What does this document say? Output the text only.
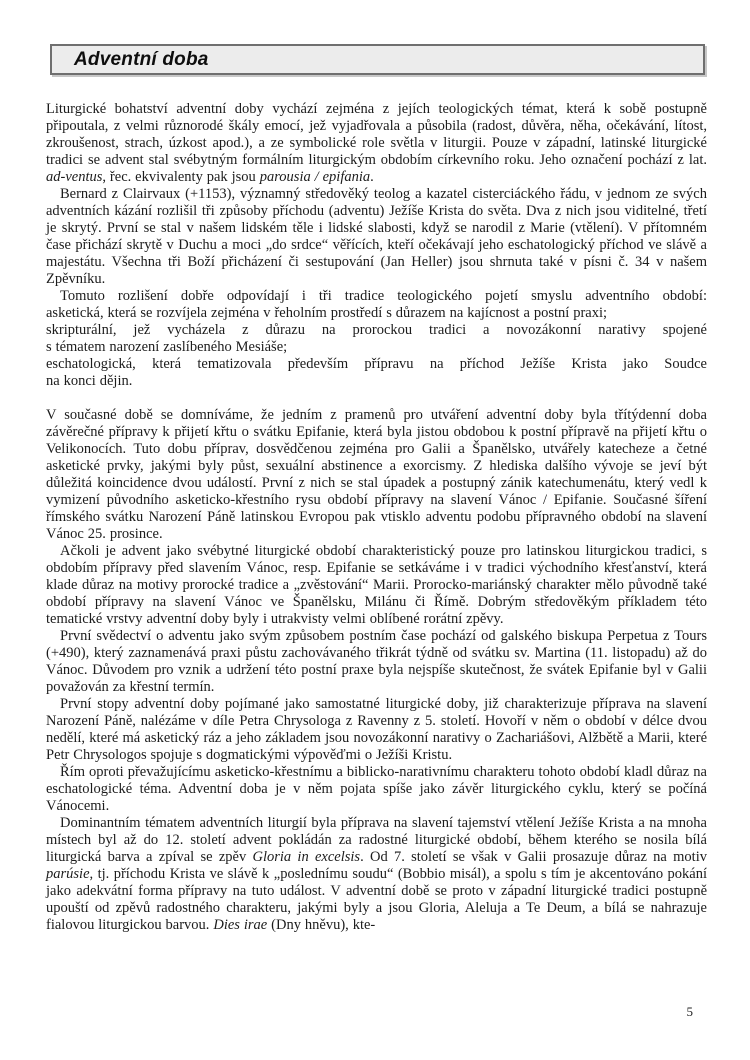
Adventní doba

Liturgické bohatství adventní doby vychází zejména z jejích teologických témat, která k sobě postupně připoutala, z velmi různorodé škály emocí, jež vyjadřovala a působila (radost, důvěra, něha, očekávání, lítost, zkroušenost, strach, úzkost apod.), a ze symbolické role světla v liturgii. Pouze v západní, latinské liturgické tradici se advent stal svébytným formálním liturgickým obdobím církevního roku. Jeho označení pochází z lat. ad-ventus, řec. ekvivalenty pak jsou parousia / epifania.

Bernard z Clairvaux (+1153), významný středověký teolog a kazatel cisterciáckého řádu, v jednom ze svých adventních kázání rozlišil tři způsoby příchodu (adventu) Ježíše Krista do světa. Dva z nich jsou viditelné, třetí je skrytý. První se stal v našem lidském těle i lidské slabosti, když se narodil z Marie (vtělení). V přítomném čase přichází skrytě v Duchu a moci „do srdce“ věřících, kteří očekávají jeho eschatologický příchod ve slávě a majestátu. Všechna tři Boží přicházení či sestupování (Jan Heller) jsou shrnuta také v písni č. 34 v našem Zpěvníku.

Tomuto rozlišení dobře odpovídají i tři tradice teologického pojetí smyslu adventního období:

asketická, která se rozvíjela zejména v řeholním prostředí s důrazem na kajícnost a postní praxi;

skripturální, jež vycházela z důrazu na prorockou tradici a novozákonní narativy spojené

s tématem narození zaslíbeného Mesiáše;

eschatologická, která tematizovala především přípravu na příchod Ježíše Krista jako Soudce

na konci dějin.

V současné době se domníváme, že jedním z pramenů pro utváření adventní doby byla třítýdenní doba závěrečné přípravy k přijetí křtu o svátku Epifanie, která byla jistou obdobou k postní přípravě na přijetí křtu o Velikonocích. Tuto dobu příprav, dosvědčenou zejména pro Galii a Španělsko, utvářely katecheze a četné asketické prvky, jakými byly půst, sexuální abstinence a exorcismy. Z hlediska dalšího vývoje se jeví být důležitá koincidence dvou událostí. První z nich se stal úpadek a postupný zánik katechumenátu, který vedl k vymizení původního asketicko-křestního rysu období přípravy na slavení Vánoc / Epifanie. Současné šíření římského svátku Narození Páně latinskou Evropou pak vtisklo adventu podobu přípravného období na slavení Vánoc 25. prosince.

Ačkoli je advent jako svébytné liturgické období charakteristický pouze pro latinskou liturgickou tradici, s obdobím přípravy před slavením Vánoc, resp. Epifanie se setkáváme i v tradici východního křesťanství, která klade důraz na motivy prorocké tradice a „zvěstování“ Marii. Prorocko-mariánský charakter mělo původně také období přípravy na slavení Vánoc ve Španělsku, Milánu či Římě. Dobrým středověkým příkladem této tematické vrstvy adventní doby byly i utrakvisty velmi oblíbené rorátní zpěvy.

První svědectví o adventu jako svým způsobem postním čase pochází od galského biskupa Perpetua z Tours (+490), který zaznamenává praxi půstu zachovávaného třikrát týdně od svátku sv. Martina (11. listopadu) až do Vánoc. Důvodem pro vznik a udržení této postní praxe byla nejspíše skutečnost, že svátek Epifanie byl v Galii považován za křestní termín.

První stopy adventní doby pojímané jako samostatné liturgické doby, již charakterizuje příprava na slavení Narození Páně, nalézáme v díle Petra Chrysologa z Ravenny z 5. století. Hovoří v něm o období v délce dvou nedělí, které má asketický ráz a jeho základem jsou novozákonní narativy o Zachariášovi, Alžbětě a Marii, které Petr Chrysologos spojuje s dogmatickými výpověďmi o Ježíši Kristu.

Řím oproti převažujícímu asketicko-křestnímu a biblicko-narativnímu charakteru tohoto období kladl důraz na eschatologické téma. Adventní doba je v něm pojata spíše jako závěr liturgického cyklu, který se počíná Vánocemi.

Dominantním tématem adventních liturgií byla příprava na slavení tajemství vtělení Ježíše Krista a na mnoha místech byl až do 12. století advent pokládán za radostné liturgické období, během kterého se nosila bílá liturgická barva a zpíval se zpěv Gloria in excelsis. Od 7. století se však v Galii prosazuje důraz na motiv parúsie, tj. příchodu Krista ve slávě k „poslednímu soudu“ (Bobbio misál), a spolu s tím je akcentováno pokání jako adekvátní forma přípravy na tuto událost. V adventní době se proto v západní liturgické tradici postupně upouští od zpěvů radostného charakteru, jakými byly a jsou Gloria, Aleluja a Te Deum, a bílá se nahrazuje fialovou liturgickou barvou. Dies irae (Dny hněvu), kte-

5
